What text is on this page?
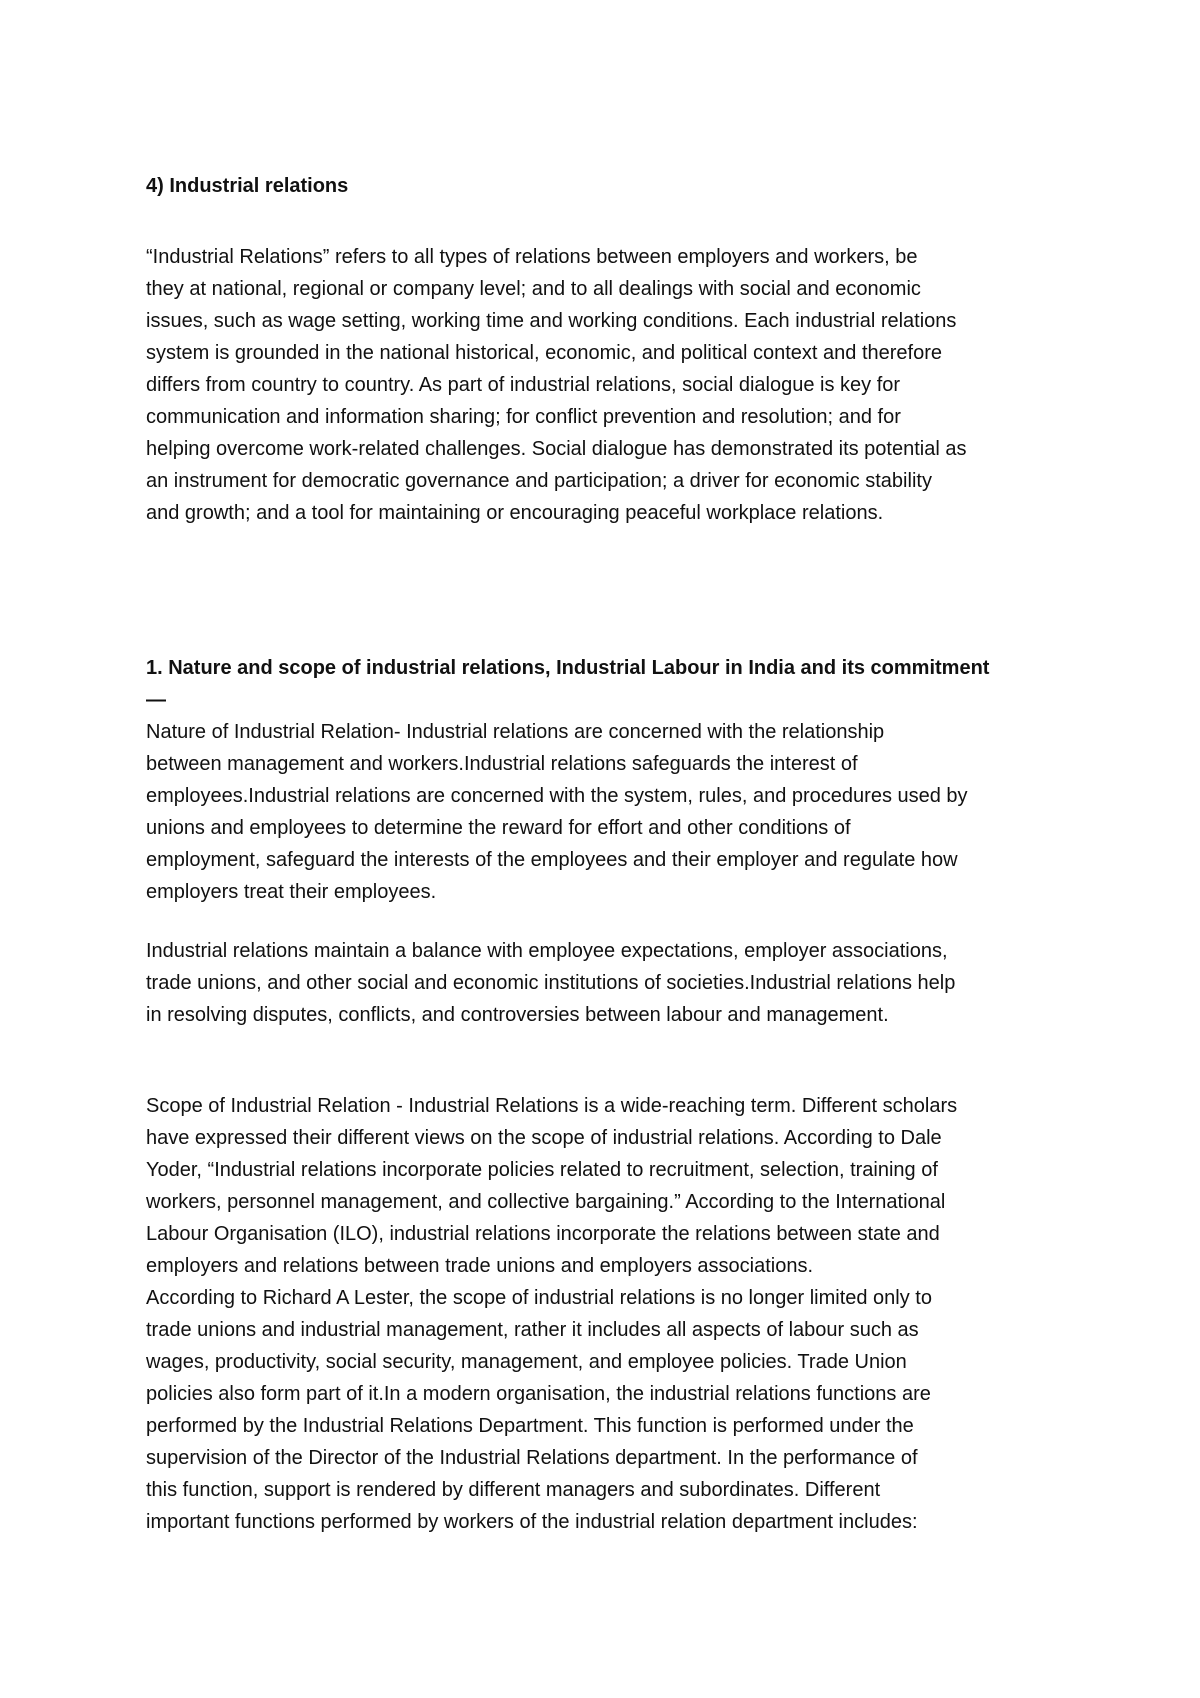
4) Industrial relations
“Industrial Relations” refers to all types of relations between employers and workers, be
they at national, regional or company level; and to all dealings with social and economic
issues, such as wage setting, working time and working conditions. Each industrial relations
system is grounded in the national historical, economic, and political context and therefore
differs from country to country. As part of industrial relations, social dialogue is key for
communication and information sharing; for conflict prevention and resolution; and for
helping overcome work-related challenges. Social dialogue has demonstrated its potential as
an instrument for democratic governance and participation; a driver for economic stability
and growth; and a tool for maintaining or encouraging peaceful workplace relations.
1. Nature and scope of industrial relations, Industrial Labour in India and its commitment
—
Nature of Industrial Relation- Industrial relations are concerned with the relationship
between management and workers.Industrial relations safeguards the interest of
employees.Industrial relations are concerned with the system, rules, and procedures used by
unions and employees to determine the reward for effort and other conditions of
employment, safeguard the interests of the employees and their employer and regulate how
employers treat their employees.
Industrial relations maintain a balance with employee expectations, employer associations,
trade unions, and other social and economic institutions of societies.Industrial relations help
in resolving disputes, conflicts, and controversies between labour and management.
Scope of Industrial Relation - Industrial Relations is a wide-reaching term. Different scholars
have expressed their different views on the scope of industrial relations. According to Dale
Yoder, “Industrial relations incorporate policies related to recruitment, selection, training of
workers, personnel management, and collective bargaining.” According to the International
Labour Organisation (ILO), industrial relations incorporate the relations between state and
employers and relations between trade unions and employers associations.
According to Richard A Lester, the scope of industrial relations is no longer limited only to
trade unions and industrial management, rather it includes all aspects of labour such as
wages, productivity, social security, management, and employee policies. Trade Union
policies also form part of it.In a modern organisation, the industrial relations functions are
performed by the Industrial Relations Department. This function is performed under the
supervision of the Director of the Industrial Relations department. In the performance of
this function, support is rendered by different managers and subordinates. Different
important functions performed by workers of the industrial relation department includes:
